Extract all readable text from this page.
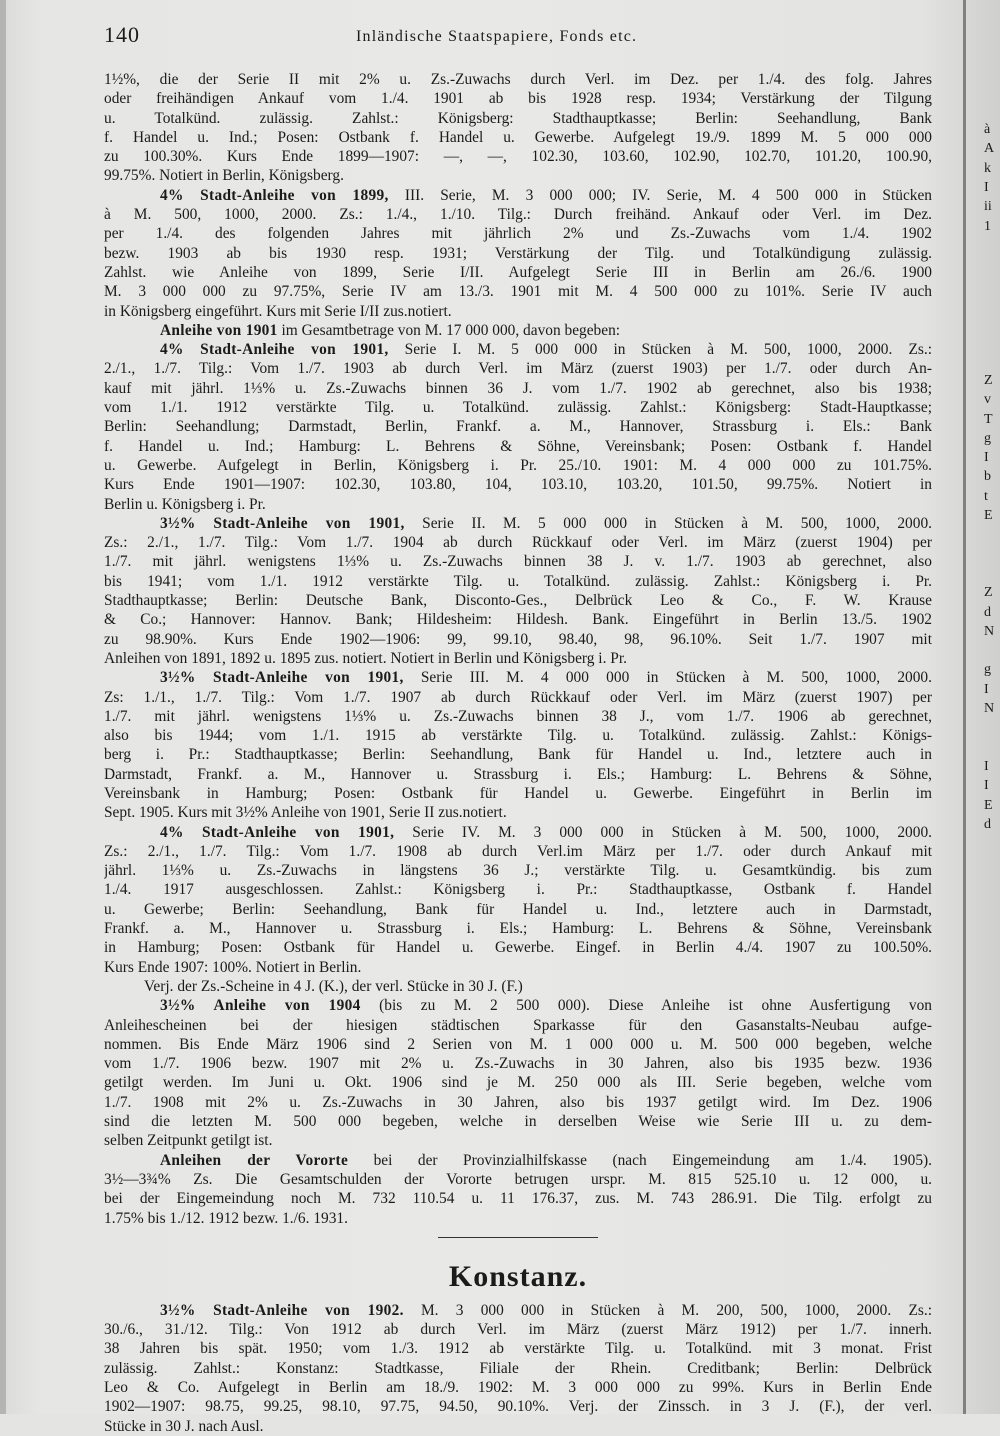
140	Inländische Staatspapiere, Fonds etc.
1½%, die der Serie II mit 2% u. Zs.-Zuwachs durch Verl. im Dez. per 1./4. des folg. Jahres
oder freihändigen Ankauf vom 1./4. 1901 ab bis 1928 resp. 1934; Verstärkung der Tilgung
u. Totalkünd. zulässig. Zahlst.: Königsberg: Stadthauptkasse; Berlin: Seehandlung, Bank
f. Handel u. Ind.; Posen: Ostbank f. Handel u. Gewerbe. Aufgelegt 19./9. 1899 M. 5 000 000
zu 100.30%. Kurs Ende 1899—1907: —, —, 102.30, 103.60, 102.90, 102.70, 101.20, 100.90,
99.75%. Notiert in Berlin, Königsberg.
4% Stadt-Anleihe von 1899, III. Serie, M. 3 000 000; IV. Serie, M. 4 500 000 in Stücken
à M. 500, 1000, 2000. Zs.: 1./4., 1./10. Tilg.: Durch freihänd. Ankauf oder Verl. im Dez.
per 1./4. des folgenden Jahres mit jährlich 2% und Zs.-Zuwachs vom 1./4. 1902
bezw. 1903 ab bis 1930 resp. 1931; Verstärkung der Tilg. und Totalkündigung zulässig.
Zahlst. wie Anleihe von 1899, Serie I/II. Aufgelegt Serie III in Berlin am 26./6. 1900
M. 3 000 000 zu 97.75%, Serie IV am 13./3. 1901 mit M. 4 500 000 zu 101%. Serie IV auch
in Königsberg eingeführt. Kurs mit Serie I/II zus.notiert.
Anleihe von 1901 im Gesamtbetrage von M. 17 000 000, davon begeben:
4% Stadt-Anleihe von 1901, Serie I. M. 5 000 000 in Stücken à M. 500, 1000, 2000. Zs.:
2./1., 1./7. Tilg.: Vom 1./7. 1903 ab durch Verl. im März (zuerst 1903) per 1./7. oder durch An-
kauf mit jährl. 1⅓% u. Zs.-Zuwachs binnen 36 J. vom 1./7. 1902 ab gerechnet, also bis 1938;
vom 1./1. 1912 verstärkte Tilg. u. Totalkünd. zulässig. Zahlst.: Königsberg: Stadt-Hauptkasse;
Berlin: Seehandlung; Darmstadt, Berlin, Frankf. a. M., Hannover, Strassburg i. Els.: Bank
f. Handel u. Ind.; Hamburg: L. Behrens & Söhne, Vereinsbank; Posen: Ostbank f. Handel
u. Gewerbe. Aufgelegt in Berlin, Königsberg i. Pr. 25./10. 1901: M. 4 000 000 zu 101.75%.
Kurs Ende 1901—1907: 102.30, 103.80, 104, 103.10, 103.20, 101.50, 99.75%. Notiert in
Berlin u. Königsberg i. Pr.
3½% Stadt-Anleihe von 1901, Serie II. M. 5 000 000 in Stücken à M. 500, 1000, 2000.
Zs.: 2./1., 1./7. Tilg.: Vom 1./7. 1904 ab durch Rückkauf oder Verl. im März (zuerst 1904) per
1./7. mit jährl. wenigstens 1⅓% u. Zs.-Zuwachs binnen 38 J. v. 1./7. 1903 ab gerechnet, also
bis 1941; vom 1./1. 1912 verstärkte Tilg. u. Totalkünd. zulässig. Zahlst.: Königsberg i. Pr.
Stadthauptkasse; Berlin: Deutsche Bank, Disconto-Ges., Delbrück Leo & Co., F. W. Krause
& Co.; Hannover: Hannov. Bank; Hildesheim: Hildesh. Bank. Eingeführt in Berlin 13./5. 1902
zu 98.90%. Kurs Ende 1902—1906: 99, 99.10, 98.40, 98, 96.10%. Seit 1./7. 1907 mit
Anleihen von 1891, 1892 u. 1895 zus. notiert. Notiert in Berlin und Königsberg i. Pr.
3½% Stadt-Anleihe von 1901, Serie III. M. 4 000 000 in Stücken à M. 500, 1000, 2000.
Zs: 1./1., 1./7. Tilg.: Vom 1./7. 1907 ab durch Rückkauf oder Verl. im März (zuerst 1907) per
1./7. mit jährl. wenigstens 1⅓% u. Zs.-Zuwachs binnen 38 J., vom 1./7. 1906 ab gerechnet,
also bis 1944; vom 1./1. 1915 ab verstärkte Tilg. u. Totalkünd. zulässig. Zahlst.: Königs-
berg i. Pr.: Stadthauptkasse; Berlin: Seehandlung, Bank für Handel u. Ind., letztere auch in
Darmstadt, Frankf. a. M., Hannover u. Strassburg i. Els.; Hamburg: L. Behrens & Söhne,
Vereinsbank in Hamburg; Posen: Ostbank für Handel u. Gewerbe. Eingeführt in Berlin im
Sept. 1905. Kurs mit 3½% Anleihe von 1901, Serie II zus.notiert.
4% Stadt-Anleihe von 1901, Serie IV. M. 3 000 000 in Stücken à M. 500, 1000, 2000.
Zs.: 2./1., 1./7. Tilg.: Vom 1./7. 1908 ab durch Verl.im März per 1./7. oder durch Ankauf mit
jährl. 1⅓% u. Zs.-Zuwachs in längstens 36 J.; verstärkte Tilg. u. Gesamtkündig. bis zum
1./4. 1917 ausgeschlossen. Zahlst.: Königsberg i. Pr.: Stadthauptkasse, Ostbank f. Handel
u. Gewerbe; Berlin: Seehandlung, Bank für Handel u. Ind., letztere auch in Darmstadt,
Frankf. a. M., Hannover u. Strassburg i. Els.; Hamburg: L. Behrens & Söhne, Vereinsbank
in Hamburg; Posen: Ostbank für Handel u. Gewerbe. Eingef. in Berlin 4./4. 1907 zu 100.50%.
Kurs Ende 1907: 100%. Notiert in Berlin.
Verj. der Zs.-Scheine in 4 J. (K.), der verl. Stücke in 30 J. (F.)
3½% Anleihe von 1904 (bis zu M. 2 500 000). Diese Anleihe ist ohne Ausfertigung von
Anleihescheinen bei der hiesigen städtischen Sparkasse für den Gasanstalts-Neubau aufge-
nommen. Bis Ende März 1906 sind 2 Serien von M. 1 000 000 u. M. 500 000 begeben, welche
vom 1./7. 1906 bezw. 1907 mit 2% u. Zs.-Zuwachs in 30 Jahren, also bis 1935 bezw. 1936
getilgt werden. Im Juni u. Okt. 1906 sind je M. 250 000 als III. Serie begeben, welche vom
1./7. 1908 mit 2% u. Zs.-Zuwachs in 30 Jahren, also bis 1937 getilgt wird. Im Dez. 1906
sind die letzten M. 500 000 begeben, welche in derselben Weise wie Serie III u. zu dem-
selben Zeitpunkt getilgt ist.
Anleihen der Vororte bei der Provinzialhilfskasse (nach Eingemeindung am 1./4. 1905).
3½—3¾% Zs. Die Gesamtschulden der Vororte betrugen urspr. M. 815 525.10 u. 12 000, u.
bei der Eingemeindung noch M. 732 110.54 u. 11 176.37, zus. M. 743 286.91. Die Tilg. erfolgt zu
1.75% bis 1./12. 1912 bezw. 1./6. 1931.
Konstanz.
3½% Stadt-Anleihe von 1902. M. 3 000 000 in Stücken à M. 200, 500, 1000, 2000. Zs.:
30./6., 31./12. Tilg.: Von 1912 ab durch Verl. im März (zuerst März 1912) per 1./7. innerh.
38 Jahren bis spät. 1950; vom 1./3. 1912 ab verstärkte Tilg. u. Totalkünd. mit 3 monat. Frist
zulässig. Zahlst.: Konstanz: Stadtkasse, Filiale der Rhein. Creditbank; Berlin: Delbrück
Leo & Co. Aufgelegt in Berlin am 18./9. 1902: M. 3 000 000 zu 99%. Kurs in Berlin Ende
1902—1907: 98.75, 99.25, 98.10, 97.75, 94.50, 90.10%. Verj. der Zinssch. in 3 J. (F.), der verl.
Stücke in 30 J. nach Ausl.
à
A
k
I
ii
1
Z
v
T
g
I
b
t
E
Z
d
N
g
I
N
I
I
E
d
